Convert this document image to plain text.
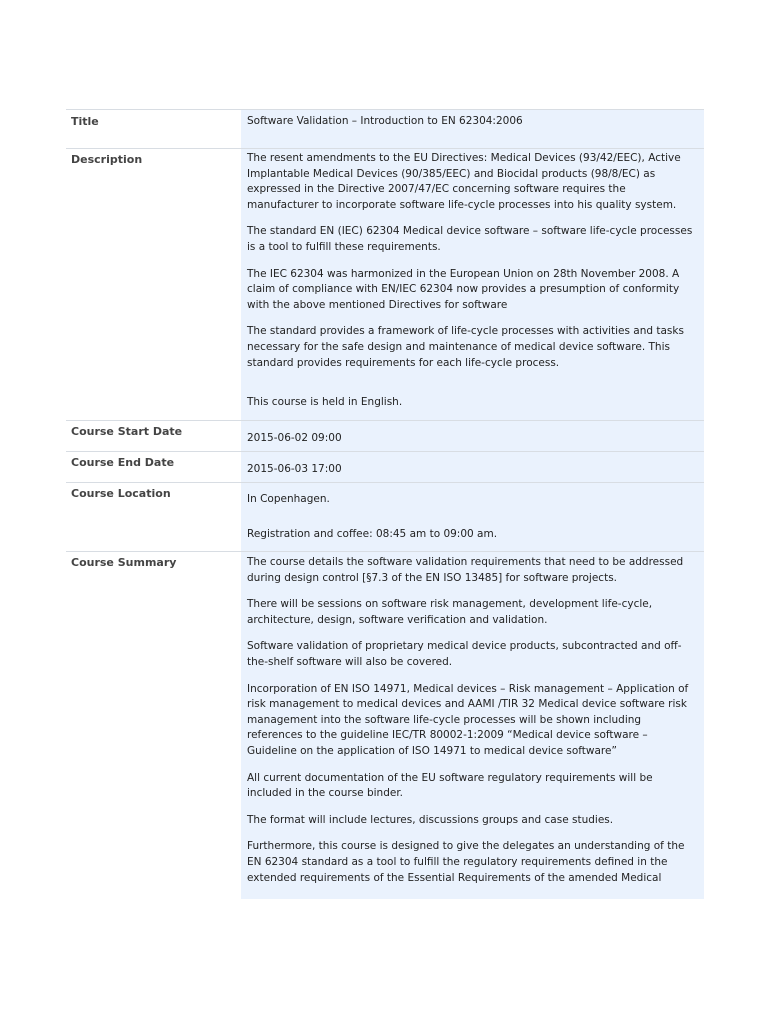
Title	Software Validation – Introduction to EN 62304:2006
Description	The resent amendments to the EU Directives: Medical Devices (93/42/EEC), Active Implantable Medical Devices (90/385/EEC) and Biocidal products (98/8/EC) as expressed in the Directive 2007/47/EC concerning software requires the manufacturer to incorporate software life-cycle processes into his quality system.

The standard EN (IEC) 62304 Medical device software – software life-cycle processes is a tool to fulfill these requirements.

The IEC 62304 was harmonized in the European Union on 28th November 2008. A claim of compliance with EN/IEC 62304 now provides a presumption of conformity with the above mentioned Directives for software

The standard provides a framework of life-cycle processes with activities and tasks necessary for the safe design and maintenance of medical device software. This standard provides requirements for each life-cycle process.

This course is held in English.

Course Start Date	2015-06-02 09:00
Course End Date	2015-06-03 17:00
Course Location	In Copenhagen.

Registration and coffee: 08:45 am to 09:00 am.

Course Summary	The course details the software validation requirements that need to be addressed during design control [§7.3 of the EN ISO 13485] for software projects.

There will be sessions on software risk management, development life-cycle, architecture, design, software verification and validation.

Software validation of proprietary medical device products, subcontracted and off-the-shelf software will also be covered.

Incorporation of EN ISO 14971, Medical devices – Risk management – Application of risk management to medical devices and AAMI /TIR 32 Medical device software risk management into the software life-cycle processes will be shown including references to the guideline IEC/TR 80002-1:2009 “Medical device software – Guideline on the application of ISO 14971 to medical device software”

All current documentation of the EU software regulatory requirements will be included in the course binder.

The format will include lectures, discussions groups and case studies.

Furthermore, this course is designed to give the delegates an understanding of the EN 62304 standard as a tool to fulfill the regulatory requirements defined in the extended requirements of the Essential Requirements of the amended Medical
